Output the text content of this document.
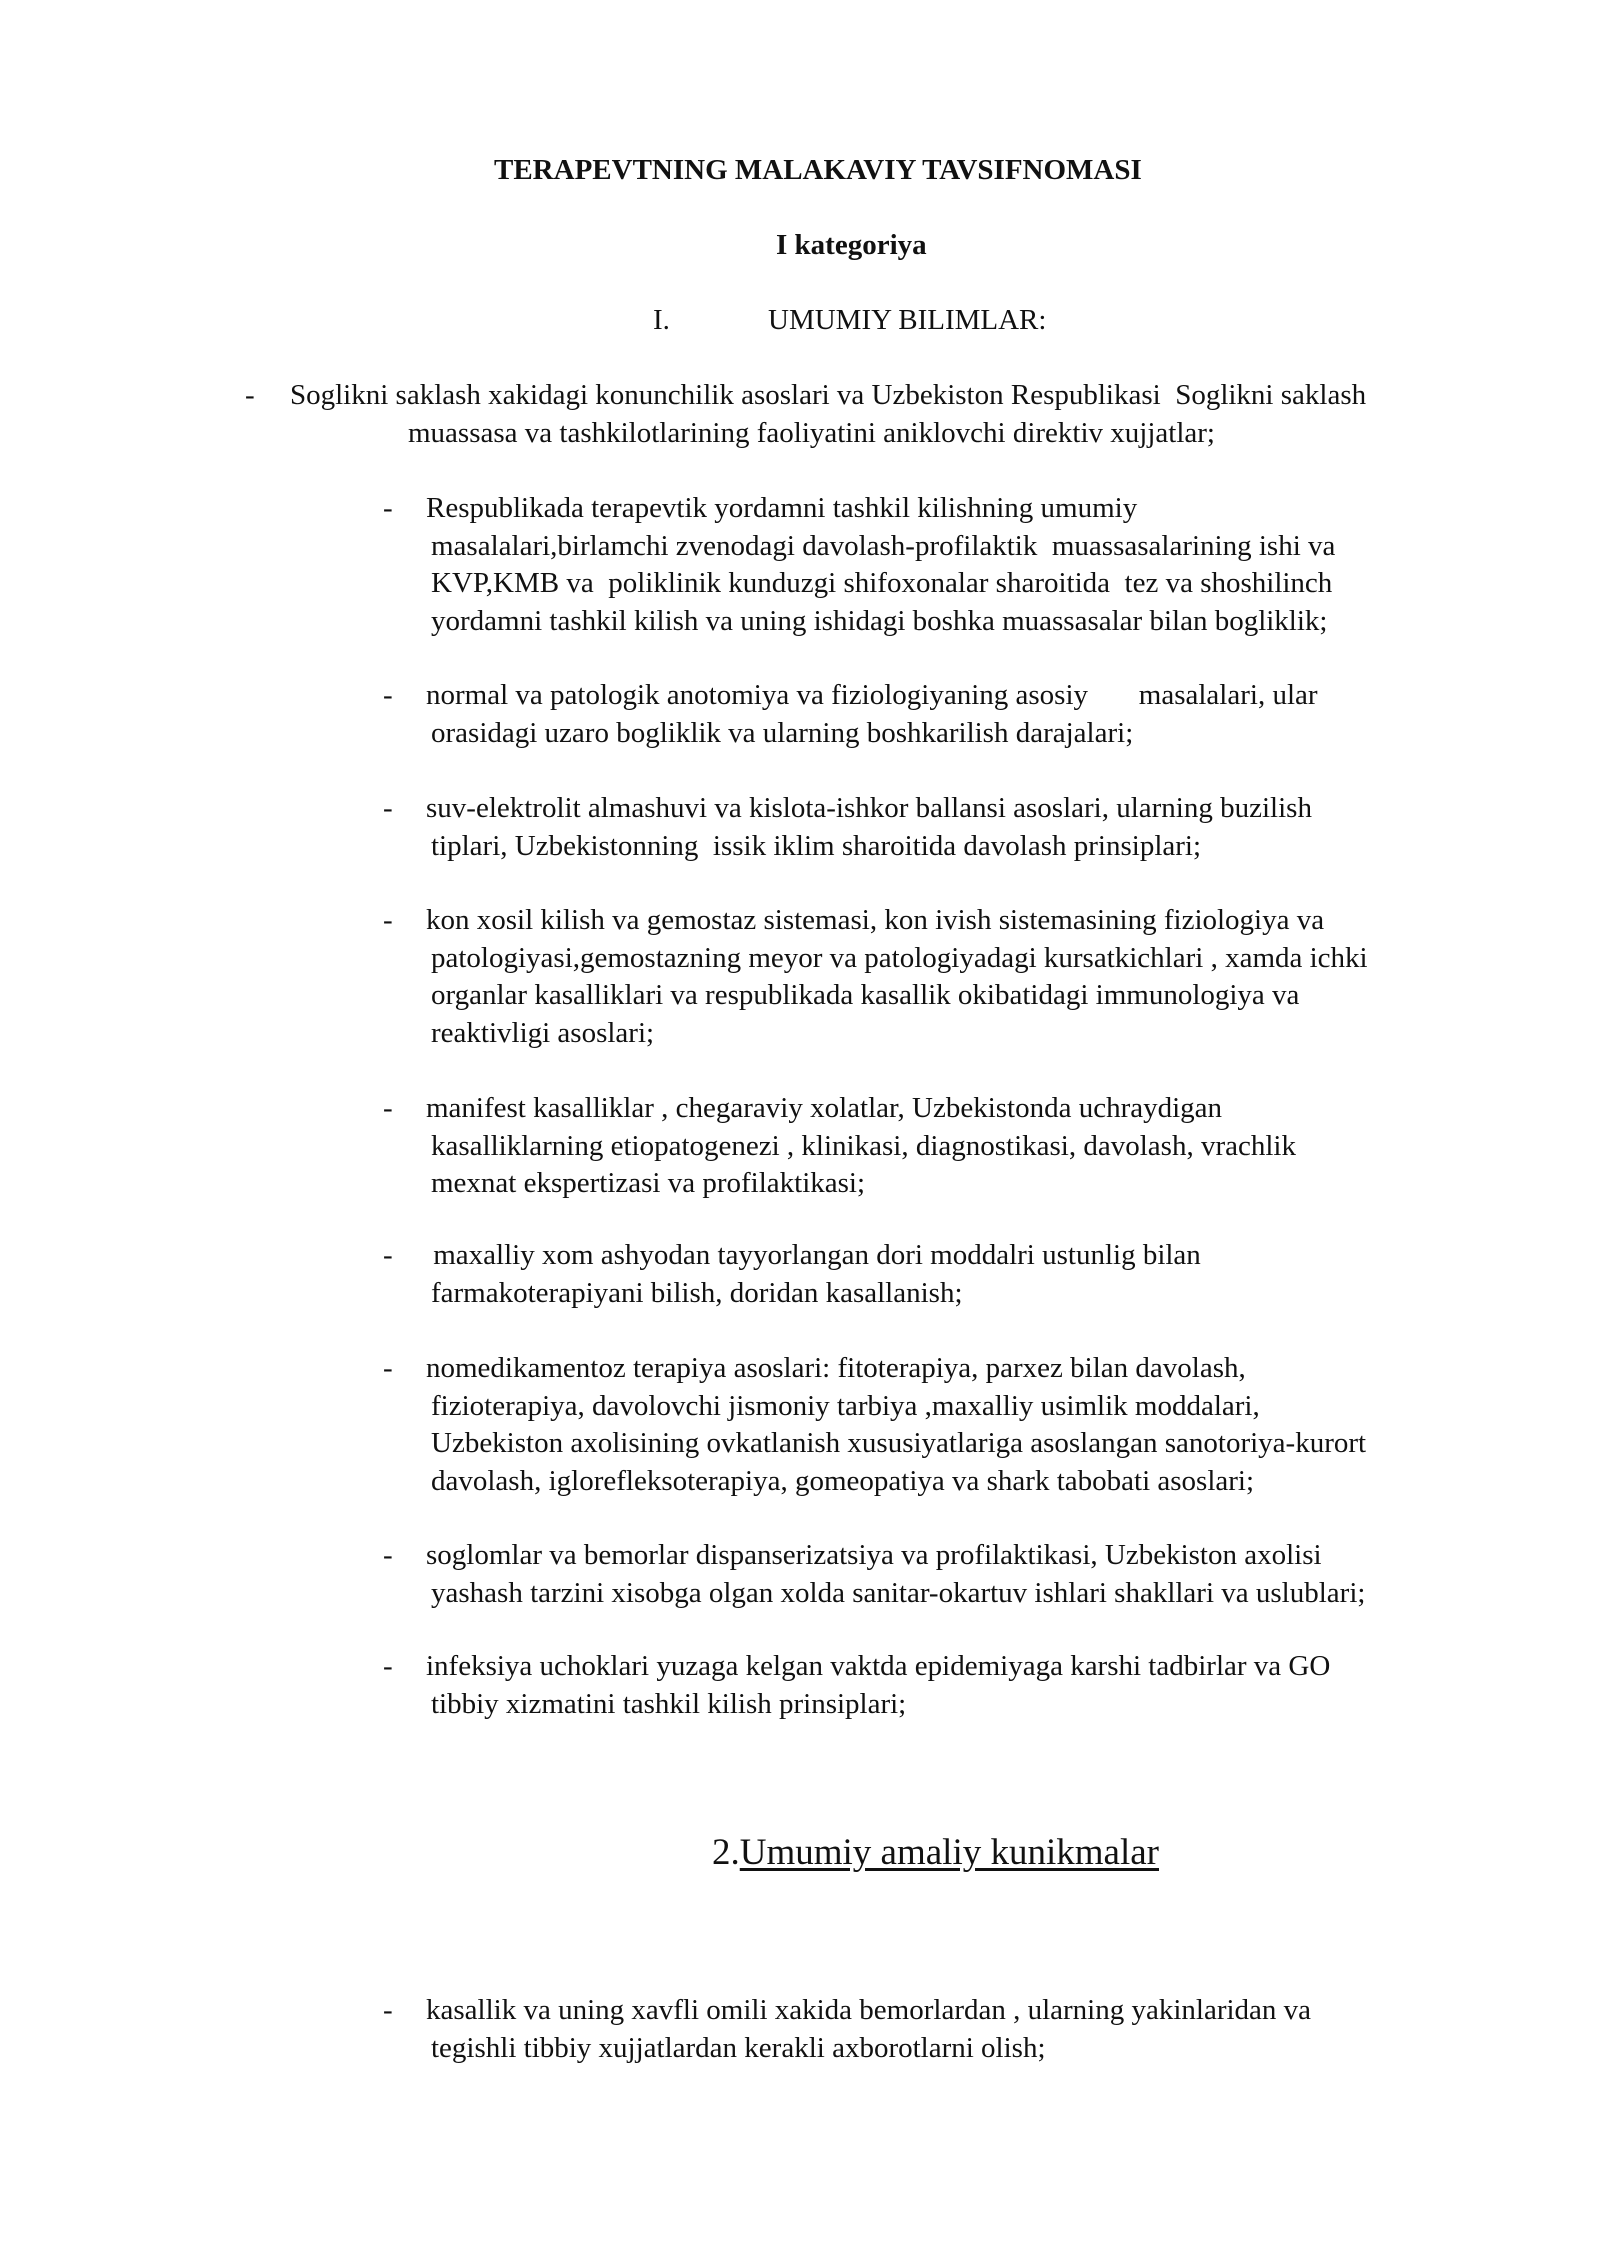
TERAPEVTNING MALAKAVIY TAVSIFNOMASI
I kategoriya
I.	UMUMIY BILIMLAR:
- Soglikni saklash xakidagi konunchilik asoslari va Uzbekiston Respublikasi  Soglikni saklash
muassasa va tashkilotlarining faoliyatini aniklovchi direktiv xujjatlar;
- Respublikada terapevtik yordamni tashkil kilishning umumiy
masalalari,birlamchi zvenodagi davolash-profilaktik  muassasalarining ishi va
KVP,KMB va  poliklinik kunduzgi shifoxonalar sharoitida  tez va shoshilinch
yordamni tashkil kilish va uning ishidagi boshka muassasalar bilan bogliklik;
- normal va patologik anotomiya va fiziologiyaning asosiy       masalalari, ular
orasidagi uzaro bogliklik va ularning boshkarilish darajalari;
- suv-elektrolit almashuvi va kislota-ishkor ballansi asoslari, ularning buzilish
tiplari, Uzbekistonning  issik iklim sharoitida davolash prinsiplari;
- kon xosil kilish va gemostaz sistemasi, kon ivish sistemasining fiziologiya va
patologiyasi,gemostazning meyor va patologiyadagi kursatkichlari , xamda ichki
organlar kasalliklari va respublikada kasallik okibatidagi immunologiya va
reaktivligi asoslari;
- manifest kasalliklar , chegaraviy xolatlar, Uzbekistonda uchraydigan
kasalliklarning etiopatogenezi , klinikasi, diagnostikasi, davolash, vrachlik
mexnat ekspertizasi va profilaktikasi;
- maxalliy xom ashyodan tayyorlangan dori moddalri ustunlig bilan
farmakoterapiyani bilish, doridan kasallanish;
- nomedikamentoz terapiya asoslari: fitoterapiya, parxez bilan davolash,
fizioterapiya, davolovchi jismoniy tarbiya ,maxalliy usimlik moddalari,
Uzbekiston axolisining ovkatlanish xususiyatlariga asoslangan sanotoriya-kurort
davolash, iglorefleksoterapiya, gomeopatiya va shark tabobati asoslari;
- soglomlar va bemorlar dispanserizatsiya va profilaktikasi, Uzbekiston axolisi
yashash tarzini xisobga olgan xolda sanitar-okartuv ishlari shakllari va uslublari;
- infeksiya uchoklari yuzaga kelgan vaktda epidemiyaga karshi tadbirlar va GO
tibbiy xizmatini tashkil kilish prinsiplari;
2.Umumiy amaliy kunikmalar
- kasallik va uning xavfli omili xakida bemorlardan , ularning yakinlaridan va
tegishli tibbiy xujjatlardan kerakli axborotlarni olish;
